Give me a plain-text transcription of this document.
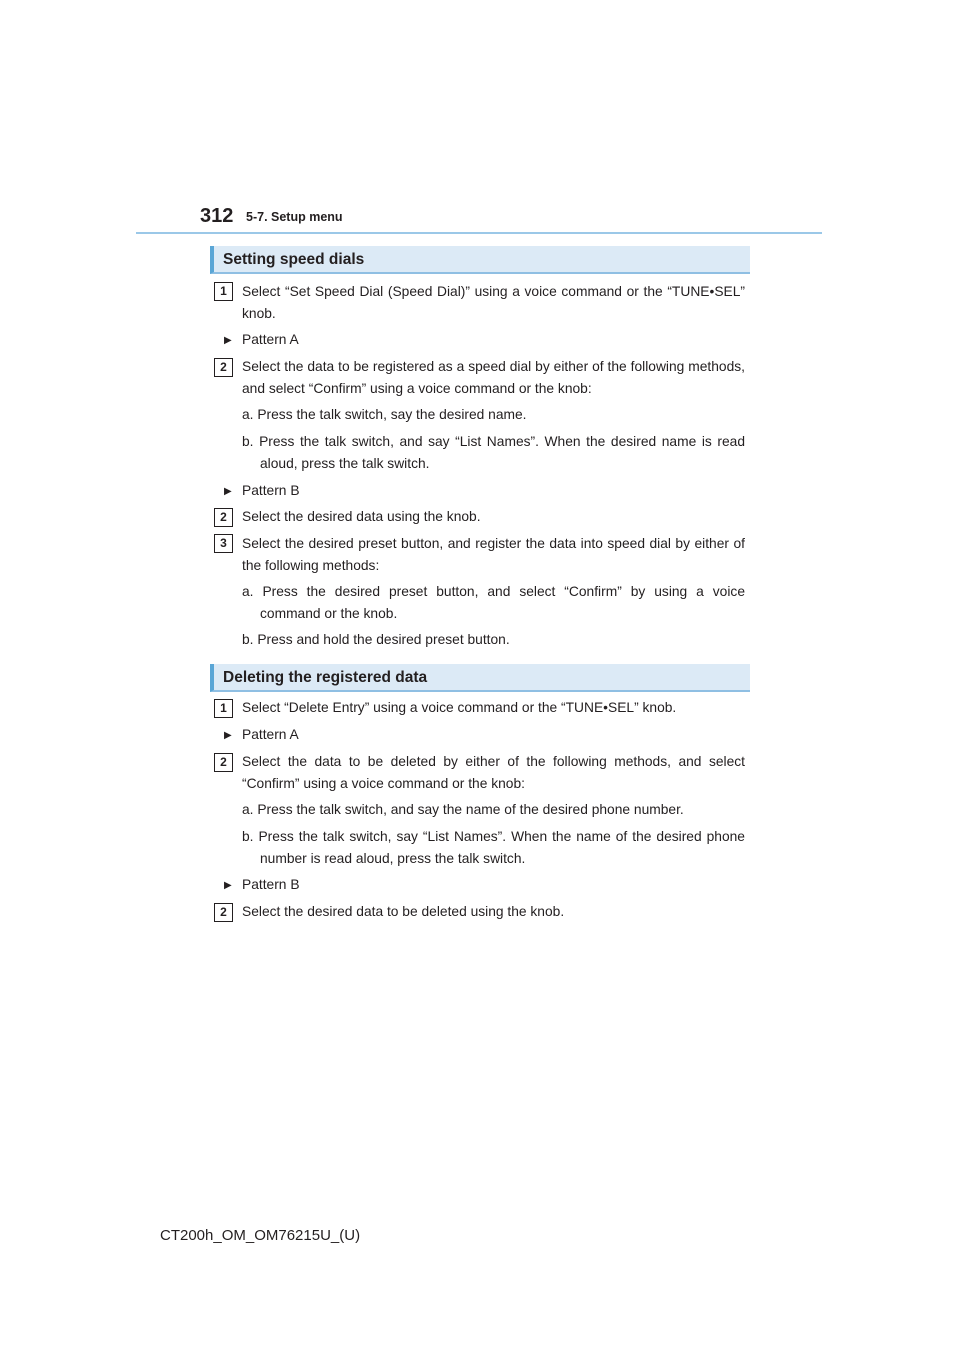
312 5-7. Setup menu
Setting speed dials
1	Select “Set Speed Dial (Speed Dial)” using a voice command or the “TUNE•SEL” knob.
▶ Pattern A
2	Select the data to be registered as a speed dial by either of the following methods, and select “Confirm” using a voice command or the knob:
a. Press the talk switch, say the desired name.
b. Press the talk switch, and say “List Names”. When the desired name is read aloud, press the talk switch.
▶ Pattern B
2	Select the desired data using the knob.
3	Select the desired preset button, and register the data into speed dial by either of the following methods:
a. Press the desired preset button, and select “Confirm” by using a voice command or the knob.
b. Press and hold the desired preset button.
Deleting the registered data
1	Select “Delete Entry” using a voice command or the “TUNE•SEL” knob.
▶ Pattern A
2	Select the data to be deleted by either of the following methods, and select “Confirm” using a voice command or the knob:
a. Press the talk switch, and say the name of the desired phone number.
b. Press the talk switch, say “List Names”. When the name of the desired phone number is read aloud, press the talk switch.
▶ Pattern B
2	Select the desired data to be deleted using the knob.
CT200h_OM_OM76215U_(U)
